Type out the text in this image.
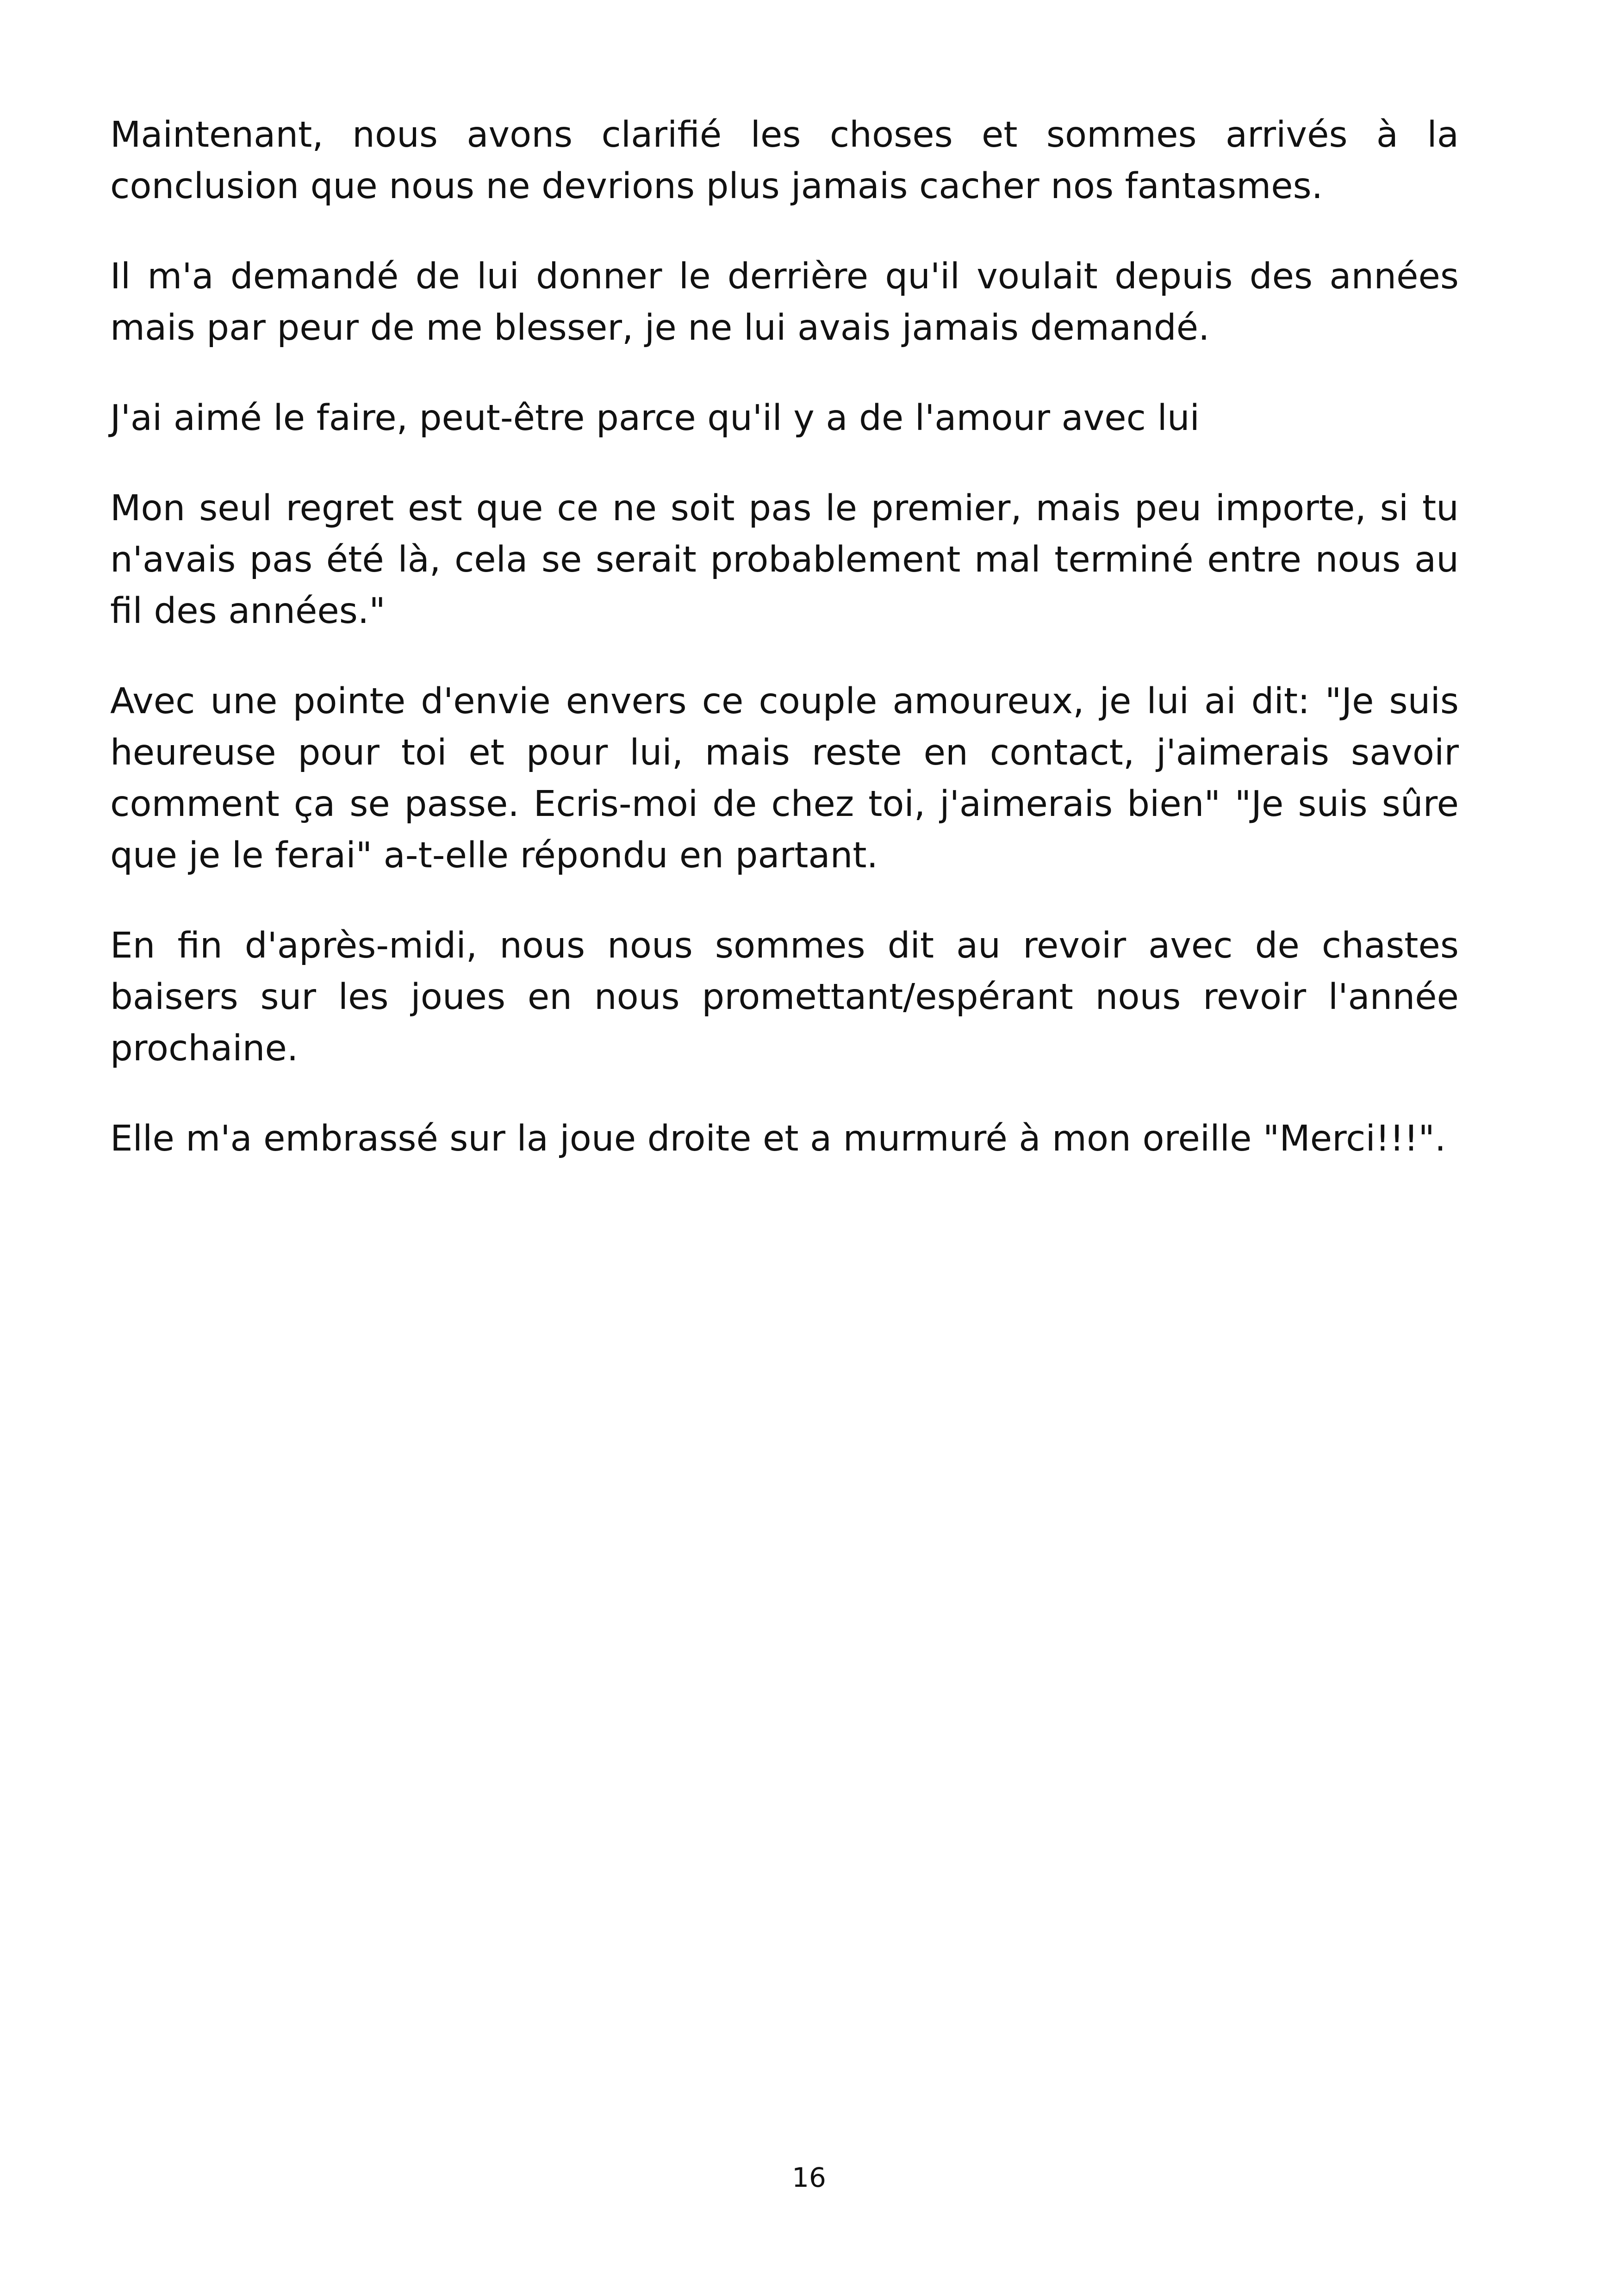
Maintenant, nous avons clarifié les choses et sommes arrivés à la conclusion que nous ne devrions plus jamais cacher nos fantasmes.

Il m'a demandé de lui donner le derrière qu'il voulait depuis des années mais par peur de me blesser, je ne lui avais jamais demandé.

J'ai aimé le faire, peut-être parce qu'il y a de l'amour avec lui

Mon seul regret est que ce ne soit pas le premier, mais peu importe, si tu n'avais pas été là, cela se serait probablement mal terminé entre nous au fil des années."

Avec une pointe d'envie envers ce couple amoureux, je lui ai dit: "Je suis heureuse pour toi et pour lui, mais reste en contact, j'aimerais savoir comment ça se passe. Ecris-moi de chez toi, j'aimerais bien" "Je suis sûre que je le ferai" a-t-elle répondu en partant.

En fin d'après-midi, nous nous sommes dit au revoir avec de chastes baisers sur les joues en nous promettant/espérant nous revoir l'année prochaine.

Elle m'a embrassé sur la joue droite et a murmuré à mon oreille "Merci!!!".

16
